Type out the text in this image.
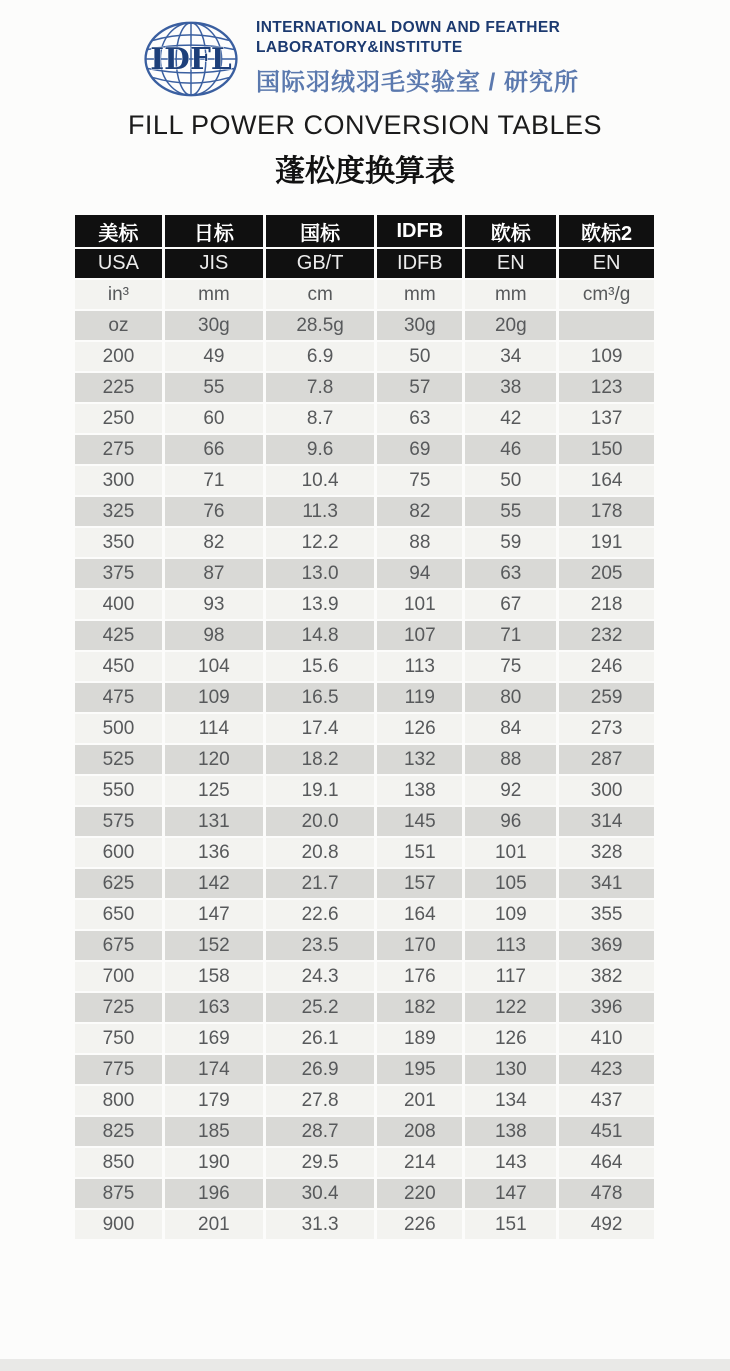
IDFL
INTERNATIONAL DOWN AND FEATHER
LABORATORY&INSTITUTE
国际羽绒羽毛实验室 / 研究所
FILL POWER CONVERSION TABLES
蓬松度换算表
美标	日标	国标	IDFB	欧标	欧标2
USA	JIS	GB/T	IDFB	EN	EN
in³	mm	cm	mm	mm	cm³/g
oz	30g	28.5g	30g	20g	
200	49	6.9	50	34	109
225	55	7.8	57	38	123
250	60	8.7	63	42	137
275	66	9.6	69	46	150
300	71	10.4	75	50	164
325	76	11.3	82	55	178
350	82	12.2	88	59	191
375	87	13.0	94	63	205
400	93	13.9	101	67	218
425	98	14.8	107	71	232
450	104	15.6	113	75	246
475	109	16.5	119	80	259
500	114	17.4	126	84	273
525	120	18.2	132	88	287
550	125	19.1	138	92	300
575	131	20.0	145	96	314
600	136	20.8	151	101	328
625	142	21.7	157	105	341
650	147	22.6	164	109	355
675	152	23.5	170	113	369
700	158	24.3	176	117	382
725	163	25.2	182	122	396
750	169	26.1	189	126	410
775	174	26.9	195	130	423
800	179	27.8	201	134	437
825	185	28.7	208	138	451
850	190	29.5	214	143	464
875	196	30.4	220	147	478
900	201	31.3	226	151	492
